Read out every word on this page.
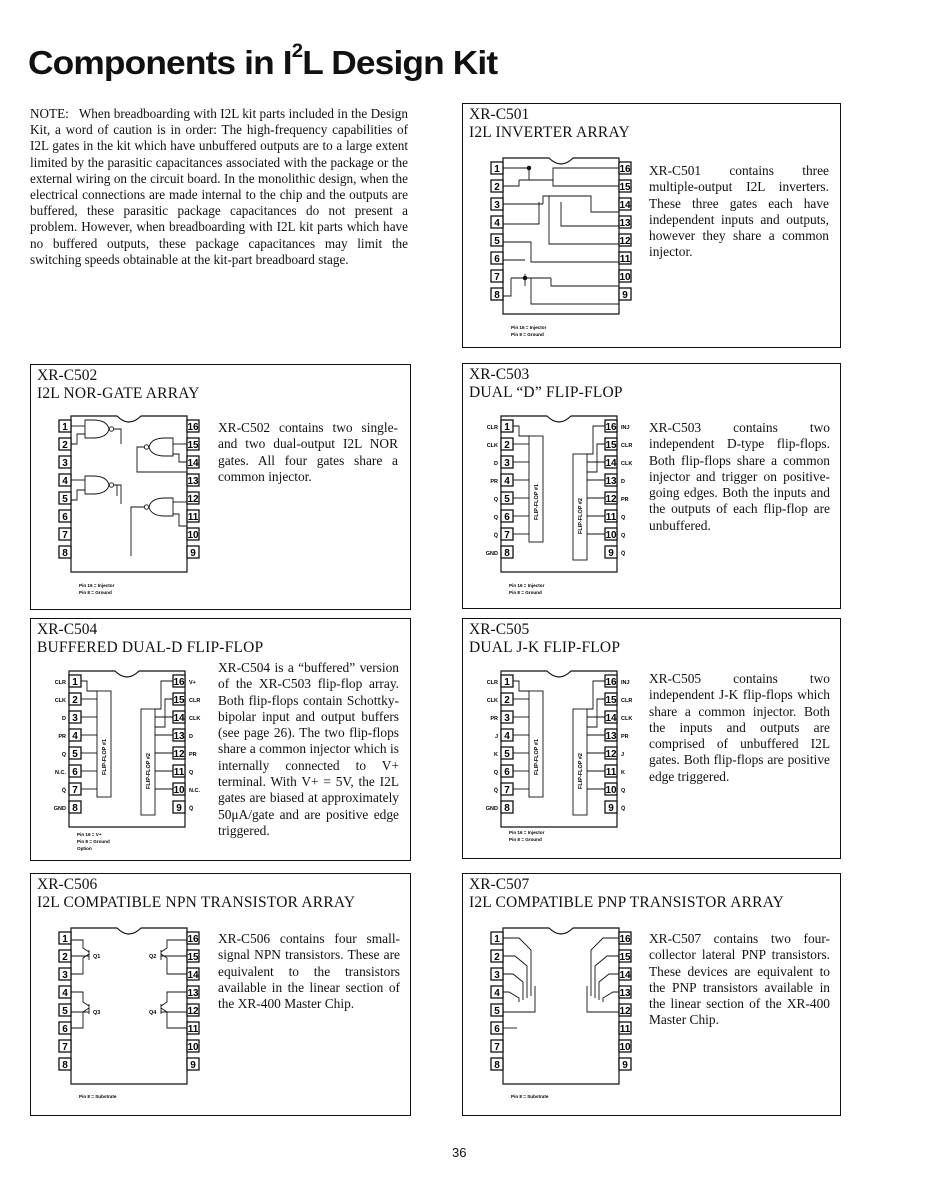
Components in $I^2L$ Design Kit
NOTE: When breadboarding with I2L kit parts included in the Design Kit, a word of caution is in order: The high-frequency capabilities of I2L gates in the kit which have unbuffered outputs are to a large extent limited by the parasitic capacitances associated with the package or the external wiring on the circuit board. In the monolithic design, when the electrical connections are made internal to the chip and the outputs are buffered, these parasitic package capacitances do not present a problem. However, when breadboarding with I2L kit parts which have no buffered outputs, these package capacitances may limit the switching speeds obtainable at the kit-part breadboard stage.
XR-C501
I2L INVERTER ARRAY
1	16
2	15
3	14
4	13
5	12
6	11
7	10
8	9
Pin 16 = Injector
Pin 8 = Ground
XR-C501 contains three multiple-output I2L inverters. These three gates each have independent inputs and outputs, however they share a common injector.
XR-C502
I2L NOR-GATE ARRAY
1	16
2	15
3	14
4	13
5	12
6	11
7	10
8	9
Pin 16 = Injector
Pin 8 = Ground
XR-C502 contains two single- and two dual-output I2L NOR gates. All four gates share a common injector.
XR-C503
DUAL “D” FLIP-FLOP
1	16
2	15
3	14
4	13
5	12
6	11
7	10
8	9
CLR	INJ
CLK	CLR
D	CLK
PR	D
Q	PR
Q	Q
Q̅	Q
GND	Q̅
FLIP-FLOP #1	FLIP-FLOP #2
Pin 16 = Injector
Pin 8 = Ground
XR-C503 contains two independent D-type flip-flops. Both flip-flops share a common injector and trigger on positive-going edges. Both the inputs and the outputs of each flip-flop are unbuffered.
XR-C504
BUFFERED DUAL-D FLIP-FLOP
1	16
2	15
3	14
4	13
5	12
6	11
7	10
8	9
CLR	V+
CLK	CLR
D	CLK
PR	D
Q	PR
N.C.	Q
Q̅	N.C.
GND	Q̅
FLIP-FLOP #1	FLIP-FLOP #2
Pin 16 = V+
Pin 8 = Ground
Option
XR-C504 is a “buffered” version of the XR-C503 flip-flop array. Both flip-flops contain Schottky-bipolar input and output buffers (see page 26). The two flip-flops share a common injector which is internally connected to V+ terminal. With V+ = 5V, the I2L gates are biased at approximately 50μA/gate and are positive edge triggered.
XR-C505
DUAL J-K FLIP-FLOP
1	16
2	15
3	14
4	13
5	12
6	11
7	10
8	9
CLR	INJ
CLK	CLR
PR	CLK
J	PR
K	J
Q	K
Q̅	Q
GND	Q̅
FLIP-FLOP #1	FLIP-FLOP #2
Pin 16 = Injector
Pin 8 = Ground
XR-C505 contains two independent J-K flip-flops which share a common injector. Both the inputs and outputs are comprised of unbuffered I2L gates. Both flip-flops are positive edge triggered.
XR-C506
I2L COMPATIBLE NPN TRANSISTOR ARRAY
1	16
2	15
3	14
4	13
5	12
6	11
7	10
8	9
Q1	Q2
Q3	Q4
Pin 8 = Substrate
XR-C506 contains four small-signal NPN transistors. These are equivalent to the transistors available in the linear section of the XR-400 Master Chip.
XR-C507
I2L COMPATIBLE PNP TRANSISTOR ARRAY
1	16
2	15
3	14
4	13
5	12
6	11
7	10
8	9
Pin 8 = Substrate
XR-C507 contains two four-collector lateral PNP transistors. These devices are equivalent to the PNP transistors available in the linear section of the XR-400 Master Chip.
36
